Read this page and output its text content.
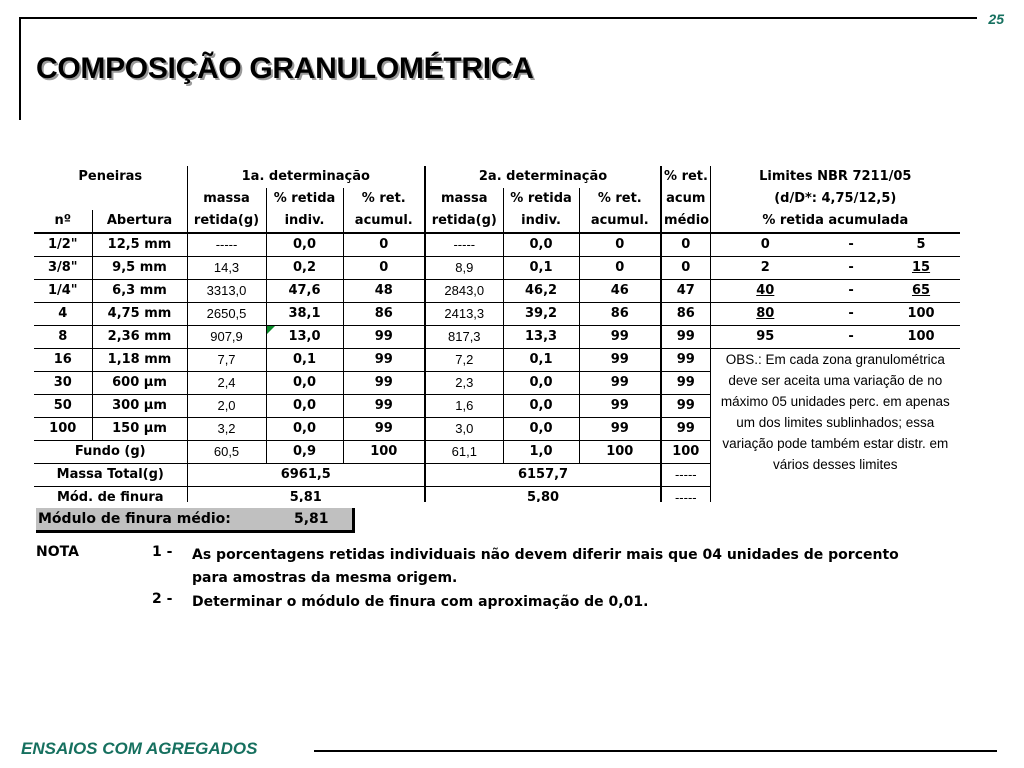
25
COMPOSIÇÃO GRANULOMÉTRICA
Peneiras		1a. determinação			2a. determinação			% ret.	Limites NBR 7211/05		
		massa	% retida	% ret.	massa	% retida	% ret.	acum	(d/D*: 4,75/12,5)		
nº	Abertura	retida(g)	indiv.	acumul.	retida(g)	indiv.	acumul.	médio	% retida acumulada		
1/2"	12,5 mm	-----	0,0	0	-----	0,0	0	0	0	-	5
3/8"	9,5 mm	14,3	0,2	0	8,9	0,1	0	0	2	-	15
1/4"	6,3 mm	3313,0	47,6	48	2843,0	46,2	46	47	40	-	65
4	4,75 mm	2650,5	38,1	86	2413,3	39,2	86	86	80	-	100
8	2,36 mm	907,9	13,0	99	817,3	13,3	99	99	95	-	100
16	1,18 mm	7,7	0,1	99	7,2	0,1	99	99	OBS.: Em cada zona granulométrica deve ser aceita uma variação de no máximo 05 unidades perc. em apenas um dos limites sublinhados; essa variação pode também estar distr. em vários desses limites		
30	600 µm	2,4	0,0	99	2,3	0,0	99	99			
50	300 µm	2,0	0,0	99	1,6	0,0	99	99			
100	150 µm	3,2	0,0	99	3,0	0,0	99	99			
Fundo (g)		60,5	0,9	100	61,1	1,0	100	100			
Massa Total(g)		6961,5			6157,7			-----			
Mód. de finura		5,81			5,80			-----			
Módulo de finura médio:	5,81
NOTA	1 - As porcentagens retidas individuais não devem diferir mais que 04 unidades de porcento para amostras da mesma origem.
2 - Determinar o módulo de finura com aproximação de 0,01.
ENSAIOS COM AGREGADOS
